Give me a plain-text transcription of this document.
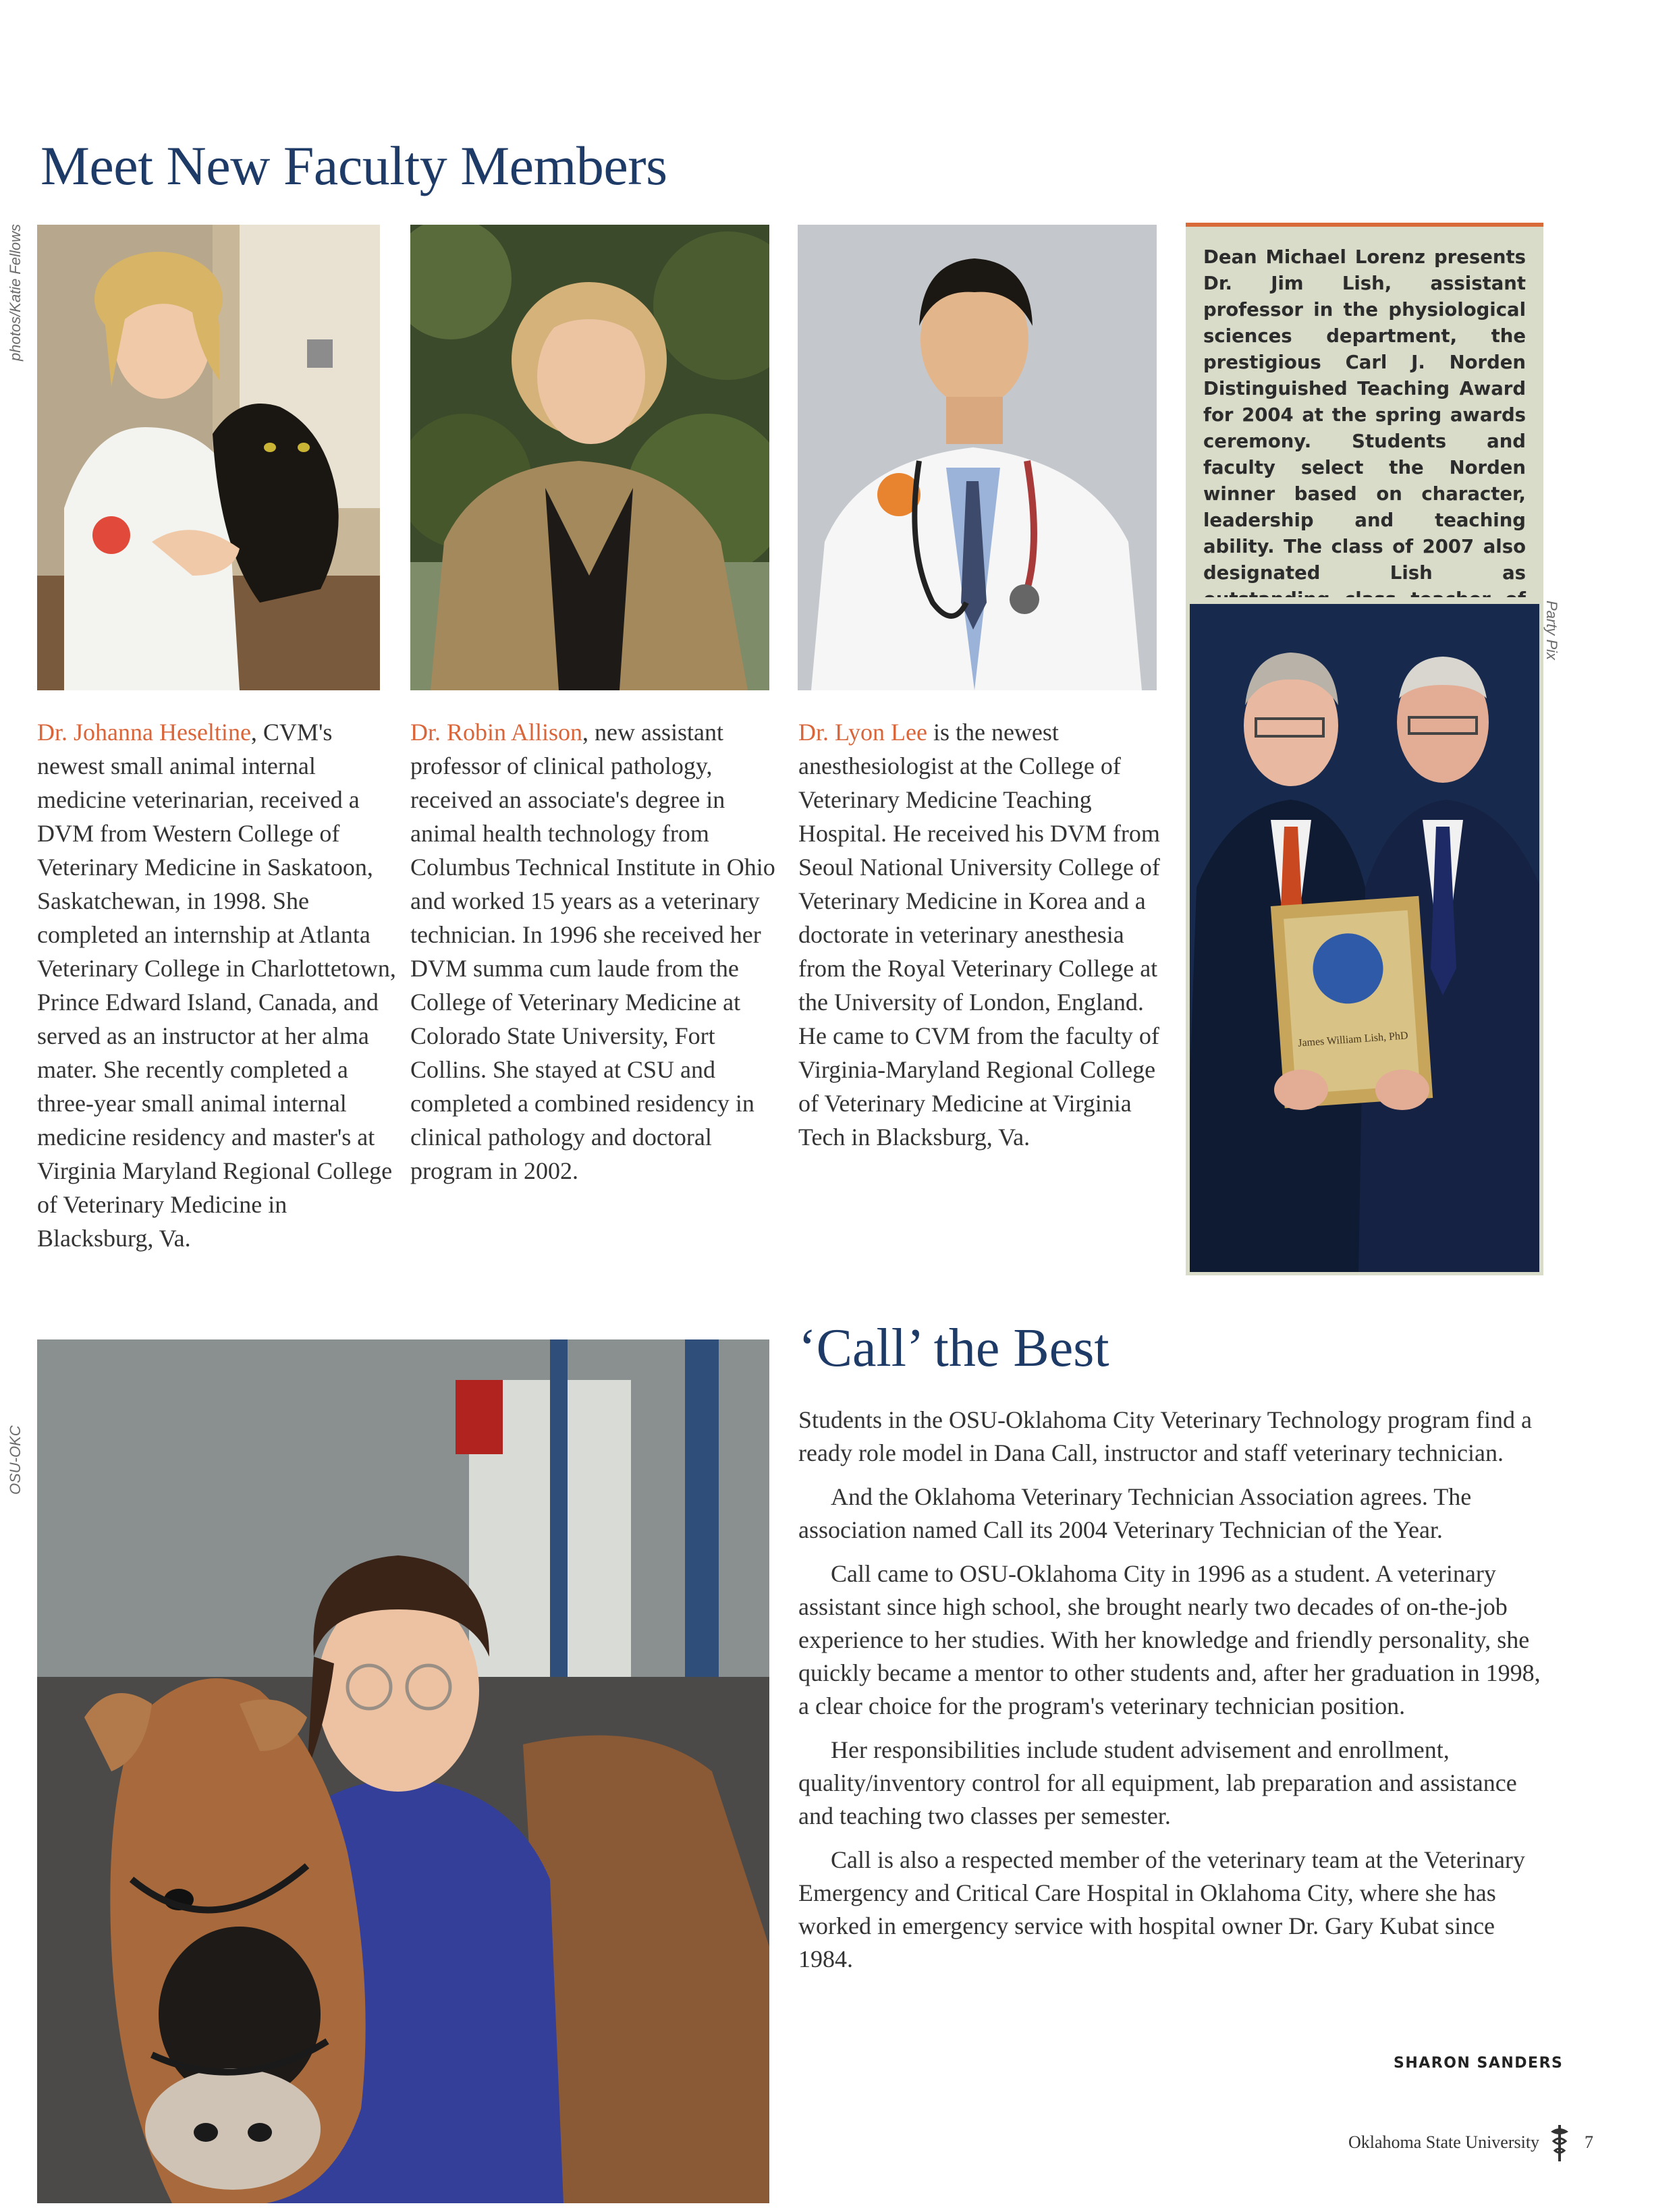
Meet New Faculty Members
photos/Katie Fellows
OSU-OKC
Party Pix
Dr. Johanna Heseltine, CVM's newest small animal internal medicine veterinarian, received a DVM from Western College of Veterinary Medicine in Saskatoon, Saskatchewan, in 1998. She completed an internship at Atlanta Veterinary College in Charlottetown, Prince Edward Island, Canada, and served as an instructor at her alma mater. She recently completed a three-year small animal internal medicine residency and master's at Virginia Maryland Regional College of Veterinary Medicine in Blacksburg, Va.
Dr. Robin Allison, new assistant professor of clinical pathology, received an associate's degree in animal health technology from Columbus Technical Institute in Ohio and worked 15 years as a veterinary technician. In 1996 she received her DVM summa cum laude from the College of Veterinary Medicine at Colorado State University, Fort Collins. She stayed at CSU and completed a combined residency in clinical pathology and doctoral program in 2002.
Dr. Lyon Lee is the newest anesthesiologist at the College of Veterinary Medicine Teaching Hospital. He received his DVM from Seoul National University College of Veterinary Medicine in Korea and a doctorate in veterinary anesthesia from the Royal Veterinary College at the University of London, England. He came to CVM from the faculty of Virginia-Maryland Regional College of Veterinary Medicine at Virginia Tech in Blacksburg, Va.
Dean Michael Lorenz presents Dr. Jim Lish, assistant professor in the physiological sciences department, the prestigious Carl J. Norden Distinguished Teaching Award for 2004 at the spring awards ceremony. Students and faculty select the Norden winner based on character, leadership and teaching ability. The class of 2007 also designated Lish as
James William Lish, PhD
‘Call’ the Best

Students in the OSU-Oklahoma City Veterinary Technology program find a ready role model in Dana Call, instructor and staff veterinary technician.

And the Oklahoma Veterinary Technician Association agrees. The association named Call its 2004 Veterinary Technician of the Year.

Call came to OSU-Oklahoma City in 1996 as a student. A veterinary assistant since high school, she brought nearly two decades of on-the-job experience to her studies. With her knowledge and friendly personality, she quickly became a mentor to other students and, after her graduation in 1998, a clear choice for the program's veterinary technician position.

Her responsibilities include student advisement and enrollment, quality/inventory control for all equipment, lab preparation and assistance and teaching two classes per semester.

Call is also a respected member of the veterinary team at the Veterinary Emergency and Critical Care Hospital in Oklahoma City, where she has worked in emergency service with hospital owner Dr. Gary Kubat since 1984.

SHARON SANDERS
Oklahoma State University	7
